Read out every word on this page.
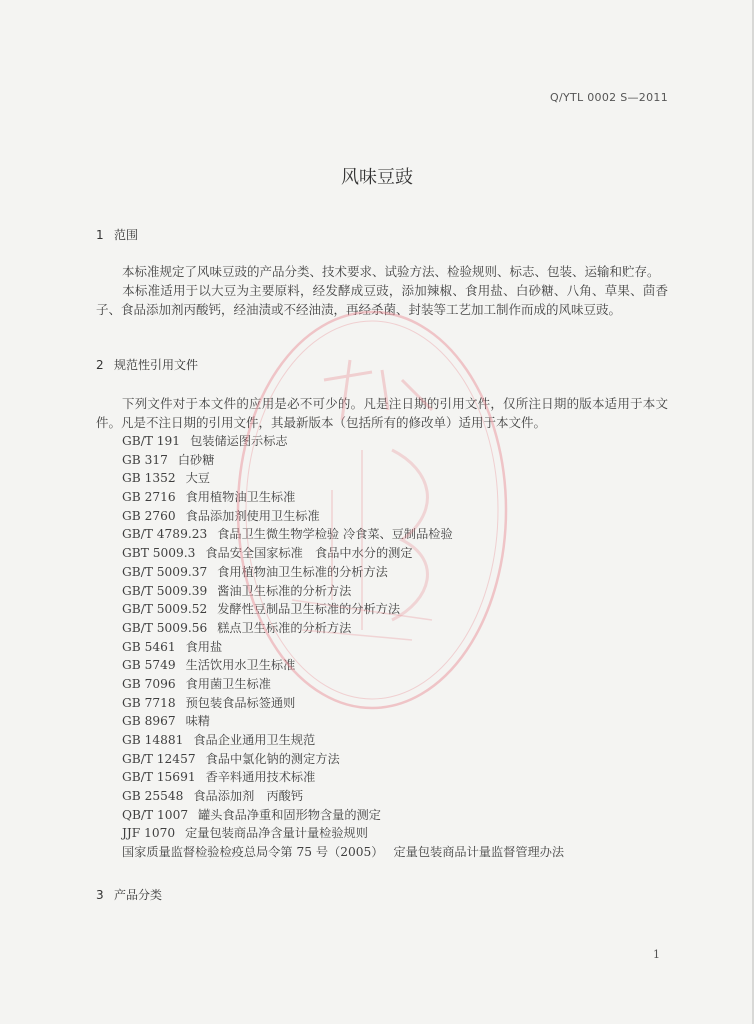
Q/YTL 0002 S—2011
风味豆豉
1 范围
本标准规定了风味豆豉的产品分类、技术要求、试验方法、检验规则、标志、包装、运输和贮存。
本标准适用于以大豆为主要原料，经发酵成豆豉，添加辣椒、食用盐、白砂糖、八角、草果、茴香子、食品添加剂丙酸钙，经油渍或不经油渍，再经杀菌、封装等工艺加工制作而成的风味豆豉。
2 规范性引用文件
下列文件对于本文件的应用是必不可少的。凡是注日期的引用文件，仅所注日期的版本适用于本文件。凡是不注日期的引用文件，其最新版本（包括所有的修改单）适用于本文件。
GB/T 191 包装储运图示标志
GB 317 白砂糖
GB 1352 大豆
GB 2716 食用植物油卫生标准
GB 2760 食品添加剂使用卫生标准
GB/T 4789.23 食品卫生微生物学检验 冷食菜、豆制品检验
GBT 5009.3 食品安全国家标准　食品中水分的测定
GB/T 5009.37 食用植物油卫生标准的分析方法
GB/T 5009.39 酱油卫生标准的分析方法
GB/T 5009.52 发酵性豆制品卫生标准的分析方法
GB/T 5009.56 糕点卫生标准的分析方法
GB 5461 食用盐
GB 5749 生活饮用水卫生标准
GB 7096 食用菌卫生标准
GB 7718 预包装食品标签通则
GB 8967 味精
GB 14881 食品企业通用卫生规范
GB/T 12457 食品中氯化钠的测定方法
GB/T 15691 香辛料通用技术标准
GB 25548 食品添加剂　丙酸钙
QB/T 1007 罐头食品净重和固形物含量的测定
JJF 1070 定量包装商品净含量计量检验规则
国家质量监督检验检疫总局令第 75 号（2005） 定量包装商品计量监督管理办法
3 产品分类
1
